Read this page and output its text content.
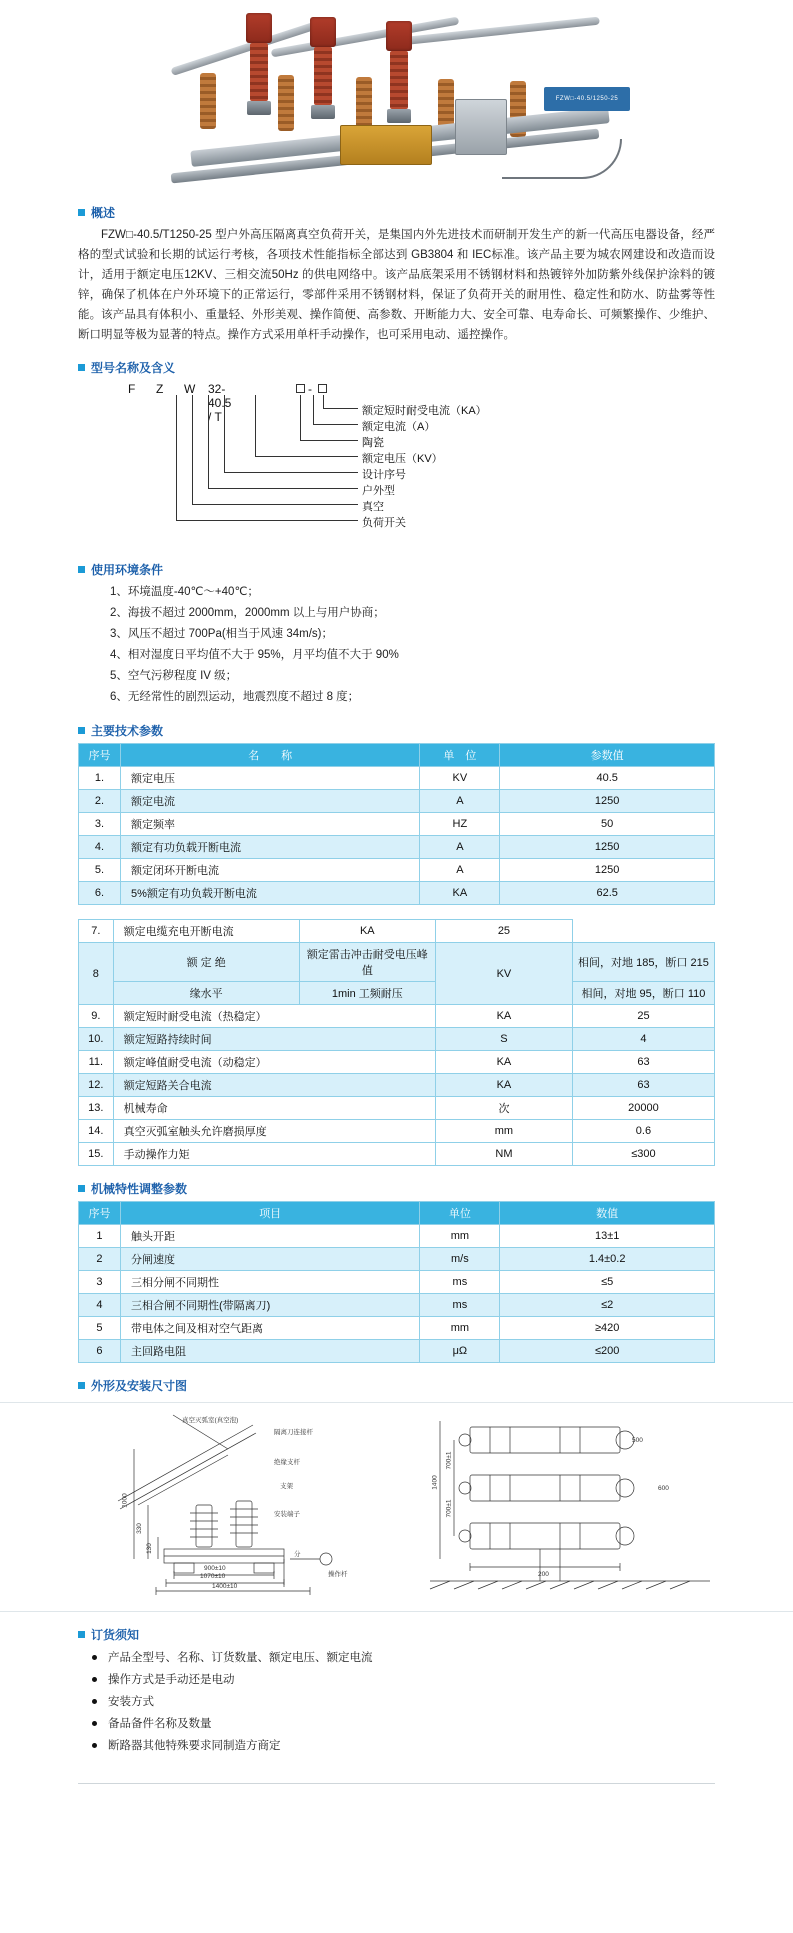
FZW□-40.5/1250-25
概述

FZW□-40.5/T1250-25 型户外高压隔离真空负荷开关，是集国内外先进技术而研制开发生产的新一代高压电器设备，经严格的型式试验和长期的试运行考核，各项技术性能指标全部达到 GB3804 和 IEC标准。该产品主要为城农网建设和改造而设计，适用于额定电压12KV、三相交流50Hz 的供电网络中。该产品底架采用不锈钢材料和热镀锌外加防紫外线保护涂料的镀锌，确保了机体在户外环境下的正常运行，零部件采用不锈钢材料，保证了负荷开关的耐用性、稳定性和防水、防盐雾等性能。该产品具有体积小、重量轻、外形美观、操作简便、高参数、开断能力大、安全可靠、电寿命长、可频繁操作、少维护、断口明显等极为显著的特点。操作方式采用单杆手动操作，也可采用电动、遥控操作。

型号名称及含义
F Z W 32-40.5 / T
-
额定短时耐受电流（KA）
额定电流（A）
陶瓷
额定电压（KV）
设计序号
户外型
真空
负荷开关
使用环境条件
1、环境温度-40℃～+40℃；
2、海拔不超过 2000mm，2000mm 以上与用户协商；
3、风压不超过 700Pa(相当于风速 34m/s)；
4、相对湿度日平均值不大于 95%，月平均值不大于 90%
5、空气污秽程度 IV 级；
6、无经常性的剧烈运动，地震烈度不超过 8 度；
主要技术参数
序号	名　　称	单　位	参数值
1.	额定电压	KV	40.5
2.	额定电流	A	1250
3.	额定频率	HZ	50
4.	额定有功负载开断电流	A	1250
5.	额定闭环开断电流	A	1250
6.	5%额定有功负载开断电流	KA	62.5
7.	额定电缆充电开断电流	KA	25	
8	额 定 绝	额定雷击冲击耐受电压峰值	KV	相间，对地 185，断口 215
	缘水平	1min 工频耐压		相间，对地 95，断口 110
9.	额定短时耐受电流（热稳定）		KA	25
10.	额定短路持续时间		S	4
11.	额定峰值耐受电流（动稳定）		KA	63
12.	额定短路关合电流		KA	63
13.	机械寿命		次	20000
14.	真空灭弧室触头允许磨损厚度		mm	0.6
15.	手动操作力矩		NM	≤300
机械特性调整参数
序号	项目	单位	数值
1	触头开距	mm	13±1
2	分闸速度	m/s	1.4±0.2
3	三相分闸不同期性	ms	≤5
4	三相合闸不同期性(带隔离刀)	ms	≤2
5	带电体之间及相对空气距离	mm	≥420
6	主回路电阻	μΩ	≤200
外形及安装尺寸图
真空灭弧室(真空泡)
隔离刀连接杆
绝缘支杆
支架
安装端子
分
操作杆
1000
330
130
900±10
1070±10
1400±10
1400
700±1
700±1
200
500
600
订货须知
产品全型号、名称、订货数量、额定电压、额定电流
操作方式是手动还是电动
安装方式
备品备件名称及数量
断路器其他特殊要求同制造方商定
